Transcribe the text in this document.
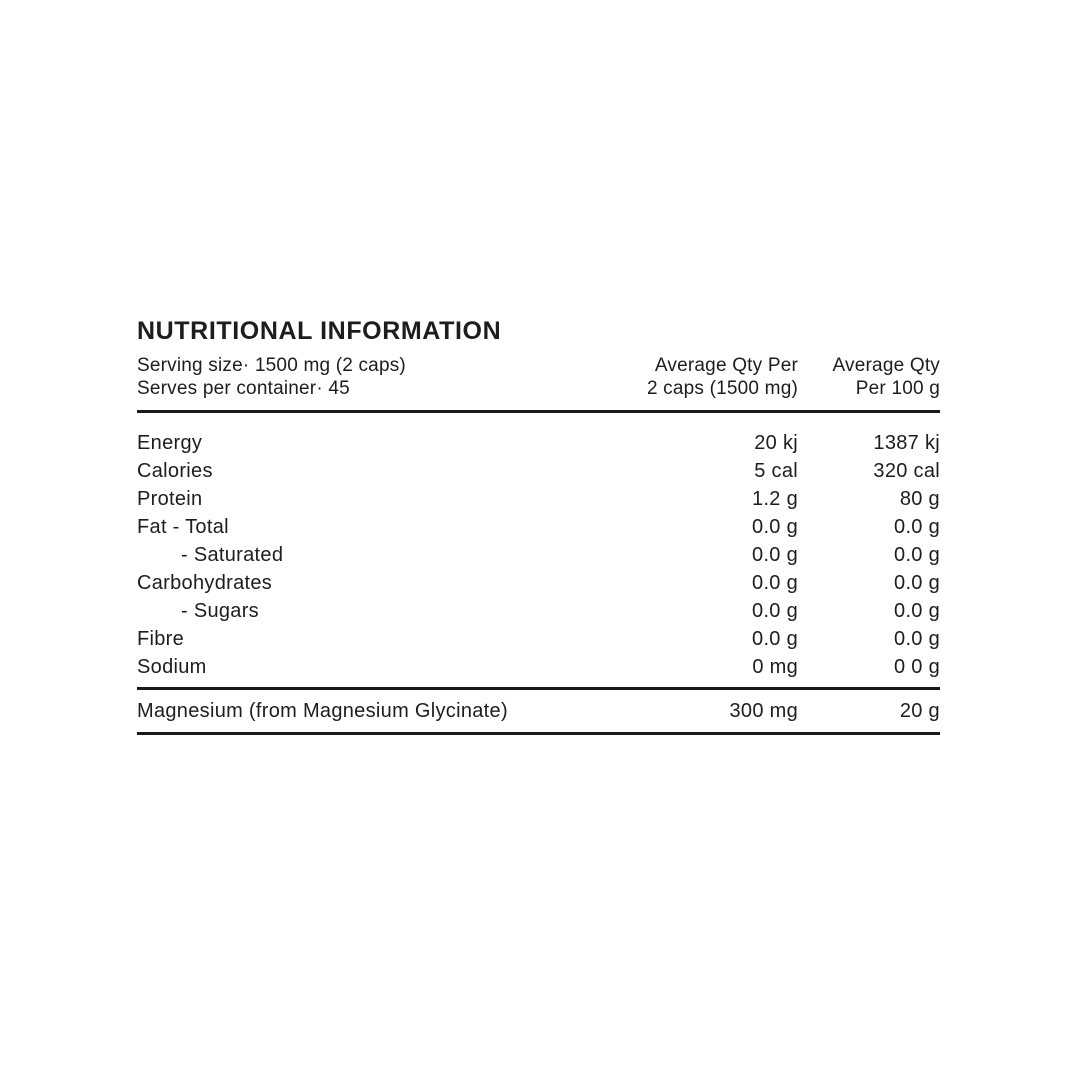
NUTRITIONAL INFORMATION
Serving size· 1500 mg (2 caps)
Serves per container· 45
Average Qty Per
2 caps (1500 mg)
Average Qty
Per 100 g
Energy	20 kj	1387 kj
Calories	5 cal	320 cal
Protein	1.2 g	80 g
Fat - Total	0.0 g	0.0 g
- Saturated	0.0 g	0.0 g
Carbohydrates	0.0 g	0.0 g
- Sugars	0.0 g	0.0 g
Fibre	0.0 g	0.0 g
Sodium	0 mg	0 0 g
Magnesium (from Magnesium Glycinate)	300 mg	20 g
